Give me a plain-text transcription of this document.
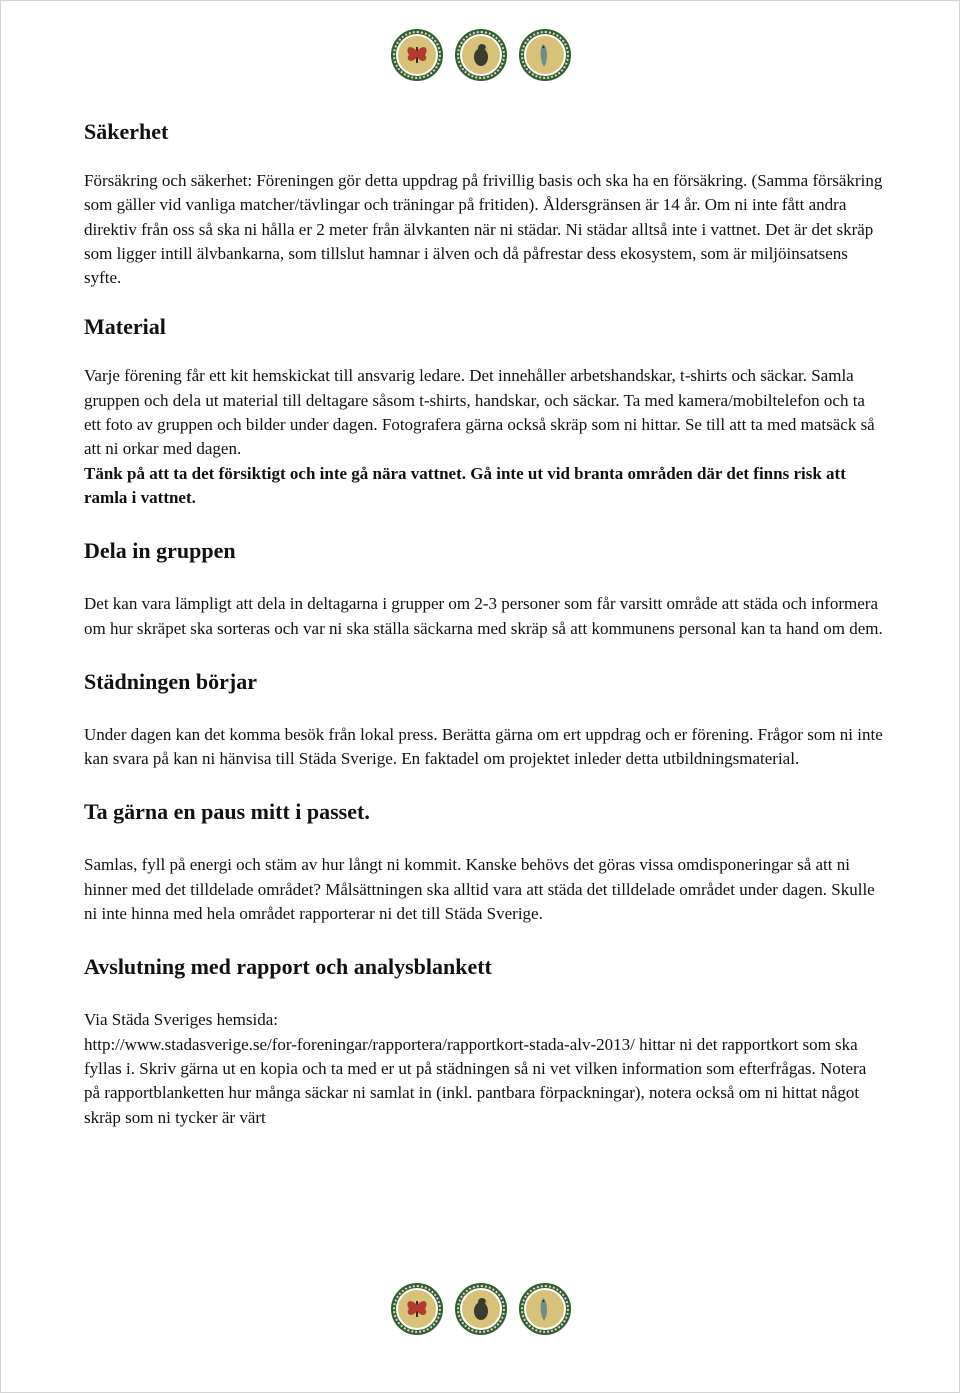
Säkerhet

Försäkring och säkerhet: Föreningen gör detta uppdrag på frivillig basis och ska ha en försäkring. (Samma försäkring som gäller vid vanliga matcher/tävlingar och träningar på fritiden). Åldersgränsen är 14 år. Om ni inte fått andra direktiv från oss så ska ni hålla er 2 meter från älvkanten när ni städar. Ni städar alltså inte i vattnet. Det är det skräp som ligger intill älvbankarna, som tillslut hamnar i älven och då påfrestar dess ekosystem, som är miljöinsatsens syfte.

Material

Varje förening får ett kit hemskickat till ansvarig ledare. Det innehåller arbetshandskar, t-shirts och säckar. Samla gruppen och dela ut material till deltagare såsom t-shirts, handskar, och säckar. Ta med kamera/mobiltelefon och ta ett foto av gruppen och bilder under dagen. Fotografera gärna också skräp som ni hittar. Se till att ta med matsäck så att ni orkar med dagen.

Tänk på att ta det försiktigt och inte gå nära vattnet. Gå inte ut vid branta områden där det finns risk att ramla i vattnet.

Dela in gruppen

Det kan vara lämpligt att dela in deltagarna i grupper om 2-3 personer som får varsitt område att städa och informera om hur skräpet ska sorteras och var ni ska ställa säckarna med skräp så att kommunens personal kan ta hand om dem.

Städningen börjar

Under dagen kan det komma besök från lokal press. Berätta gärna om ert uppdrag och er förening. Frågor som ni inte kan svara på kan ni hänvisa till Städa Sverige. En faktadel om projektet inleder detta utbildningsmaterial.

Ta gärna en paus mitt i passet.

Samlas, fyll på energi och stäm av hur långt ni kommit. Kanske behövs det göras vissa omdisponeringar så att ni hinner med det tilldelade området? Målsättningen ska alltid vara att städa det tilldelade området under dagen. Skulle ni inte hinna med hela området rapporterar ni det till Städa Sverige.

Avslutning med rapport och analysblankett

Via Städa Sveriges hemsida:

http://www.stadasverige.se/for-foreningar/rapportera/rapportkort-stada-alv-2013/ hittar ni det rapportkort som ska fyllas i. Skriv gärna ut en kopia och ta med er ut på städningen så ni vet vilken information som efterfrågas. Notera på rapportblanketten hur många säckar ni samlat in (inkl. pantbara förpackningar), notera också om ni hittat något skräp som ni tycker är värt
